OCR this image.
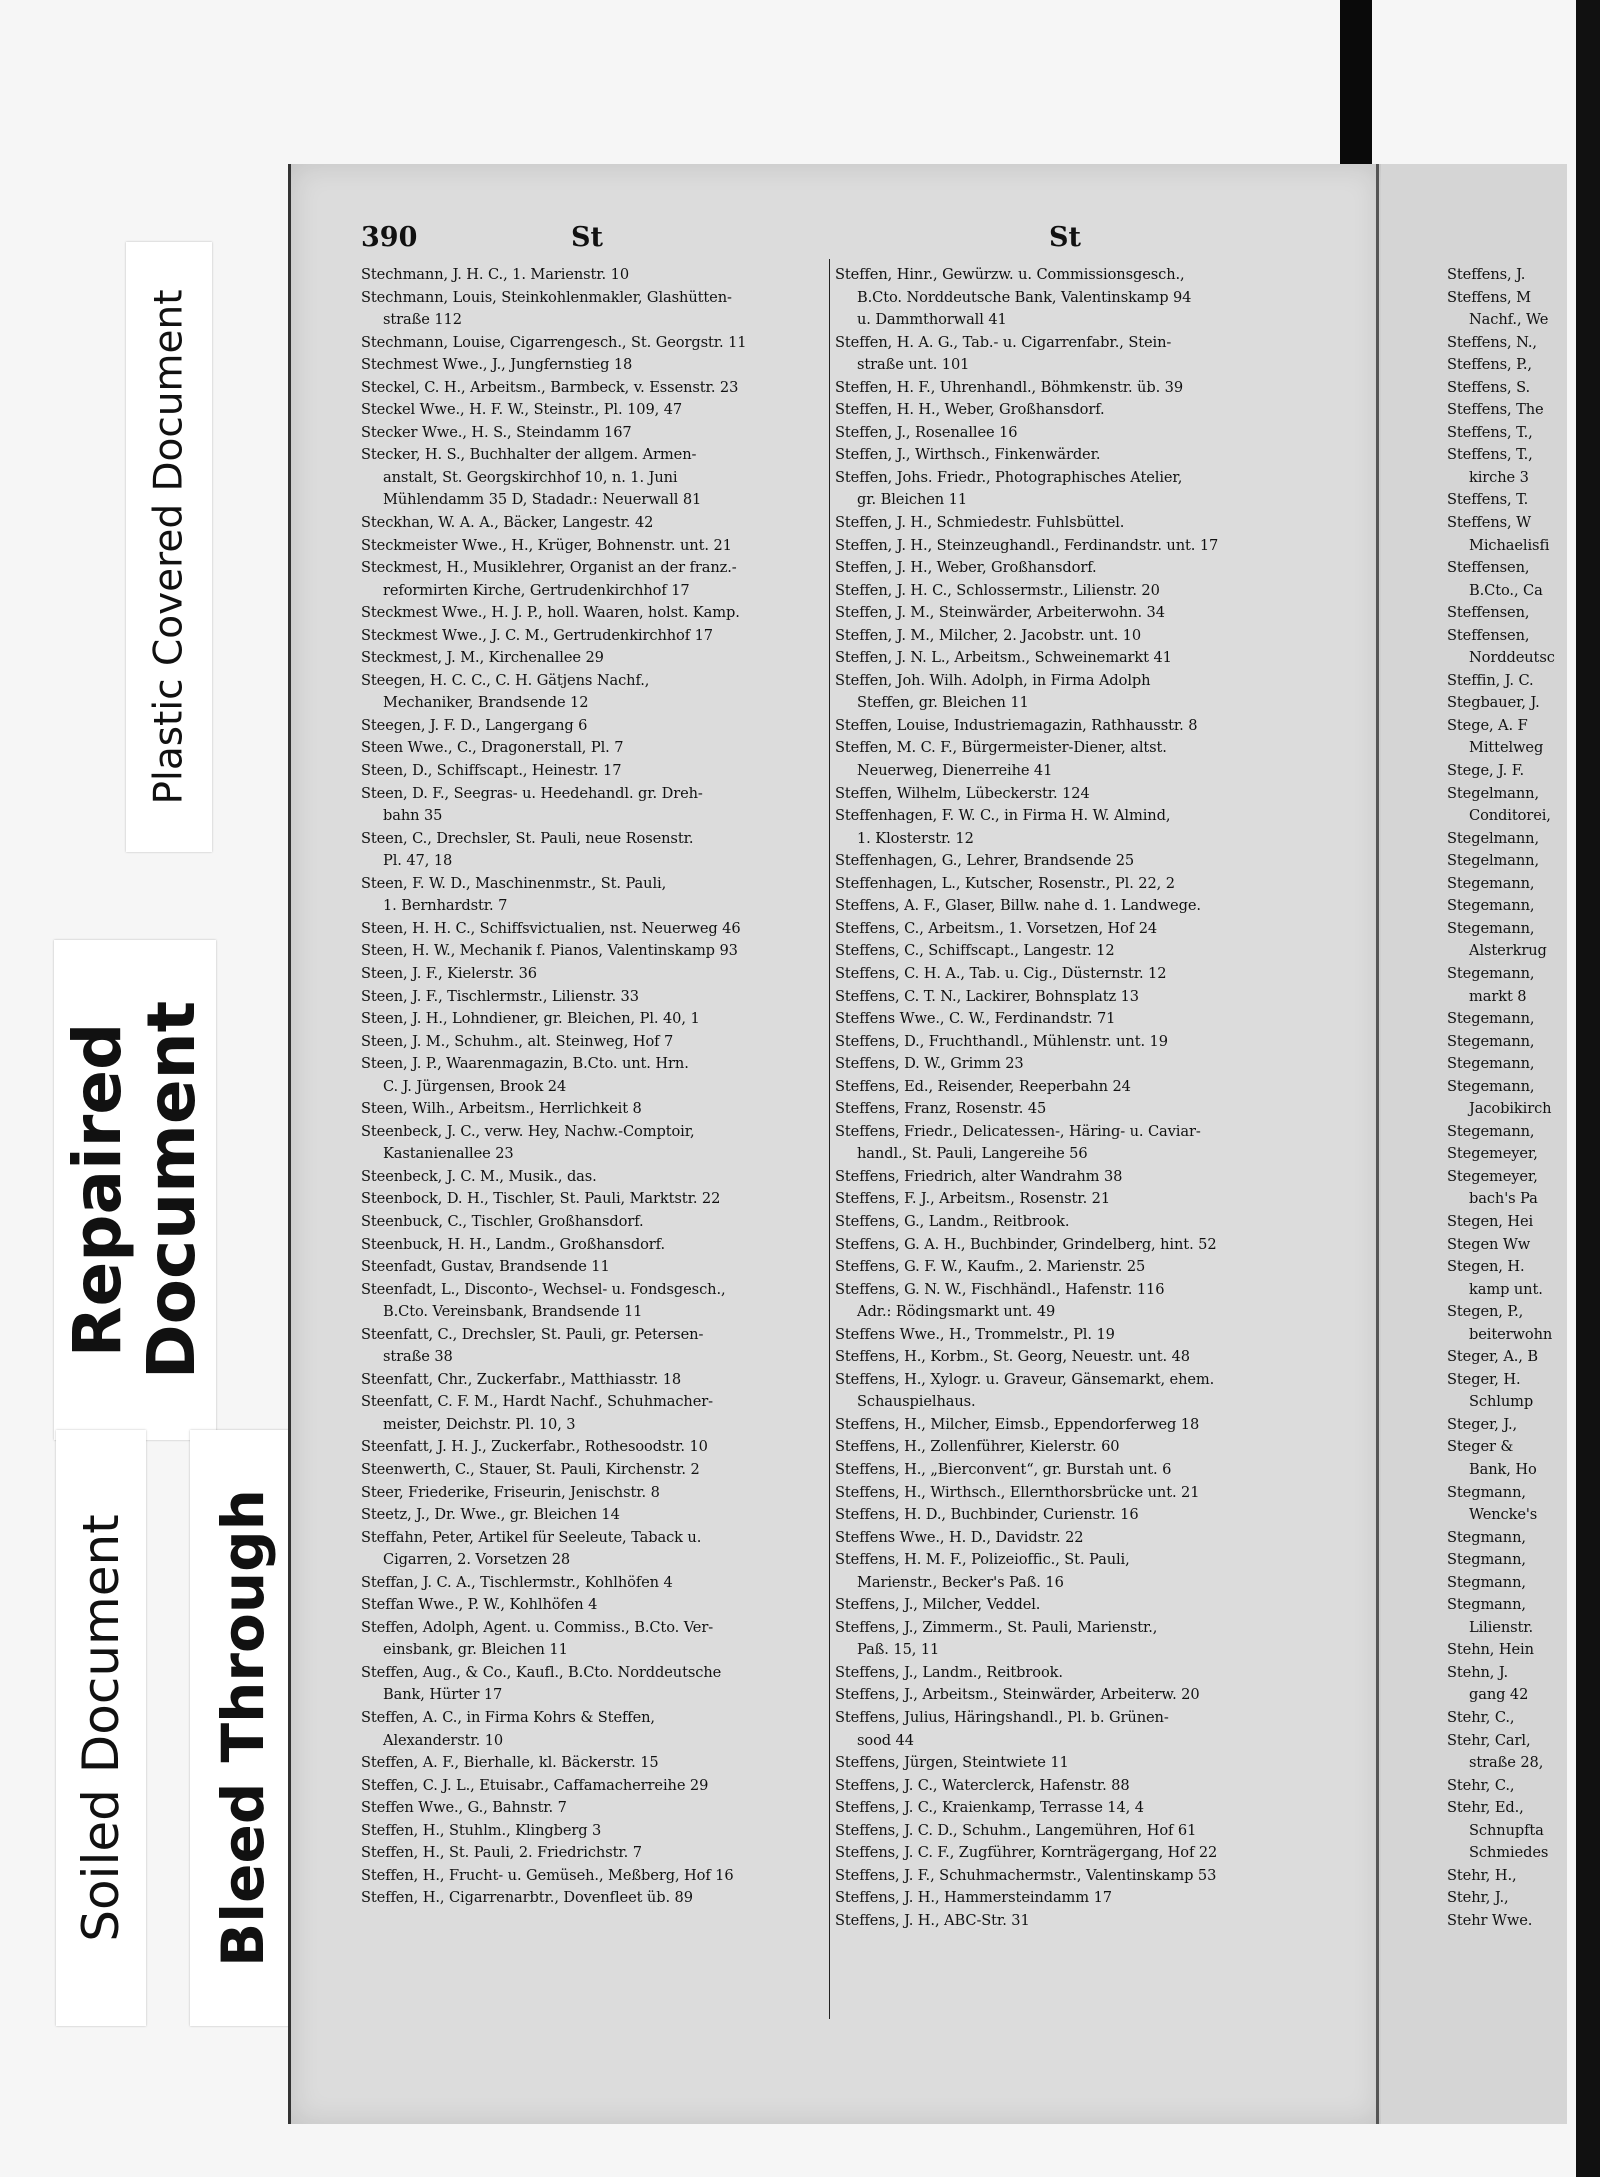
Plastic Covered Document
Repaired
Document
Soiled Document Bleed Through
390	St	St
Stechmann, J. H. C., 1. Marienstr. 10
Stechmann, Louis, Steinkohlenmakler, Glashütten-
straße 112
Stechmann, Louise, Cigarrengesch., St. Georgstr. 11
Stechmest Wwe., J., Jungfernstieg 18
Steckel, C. H., Arbeitsm., Barmbeck, v. Essenstr. 23
Steckel Wwe., H. F. W., Steinstr., Pl. 109, 47
Stecker Wwe., H. S., Steindamm 167
Stecker, H. S., Buchhalter der allgem. Armen-
anstalt, St. Georgskirchhof 10, n. 1. Juni
Mühlendamm 35 D, Stadadr.: Neuerwall 81
Steckhan, W. A. A., Bäcker, Langestr. 42
Steckmeister Wwe., H., Krüger, Bohnenstr. unt. 21
Steckmest, H., Musiklehrer, Organist an der franz.-
reformirten Kirche, Gertrudenkirchhof 17
Steckmest Wwe., H. J. P., holl. Waaren, holst. Kamp.
Steckmest Wwe., J. C. M., Gertrudenkirchhof 17
Steckmest, J. M., Kirchenallee 29
Steegen, H. C. C., C. H. Gätjens Nachf.,
Mechaniker, Brandsende 12
Steegen, J. F. D., Langergang 6
Steen Wwe., C., Dragonerstall, Pl. 7
Steen, D., Schiffscapt., Heinestr. 17
Steen, D. F., Seegras- u. Heedehandl. gr. Dreh-
bahn 35
Steen, C., Drechsler, St. Pauli, neue Rosenstr.
Pl. 47, 18
Steen, F. W. D., Maschinenmstr., St. Pauli,
1. Bernhardstr. 7
Steen, H. H. C., Schiffsvictualien, nst. Neuerweg 46
Steen, H. W., Mechanik f. Pianos, Valentinskamp 93
Steen, J. F., Kielerstr. 36
Steen, J. F., Tischlermstr., Lilienstr. 33
Steen, J. H., Lohndiener, gr. Bleichen, Pl. 40, 1
Steen, J. M., Schuhm., alt. Steinweg, Hof 7
Steen, J. P., Waarenmagazin, B.Cto. unt. Hrn.
C. J. Jürgensen, Brook 24
Steen, Wilh., Arbeitsm., Herrlichkeit 8
Steenbeck, J. C., verw. Hey, Nachw.-Comptoir,
Kastanienallee 23
Steenbeck, J. C. M., Musik., das.
Steenbock, D. H., Tischler, St. Pauli, Marktstr. 22
Steenbuck, C., Tischler, Großhansdorf.
Steenbuck, H. H., Landm., Großhansdorf.
Steenfadt, Gustav, Brandsende 11
Steenfadt, L., Disconto-, Wechsel- u. Fondsgesch.,
B.Cto. Vereinsbank, Brandsende 11
Steenfatt, C., Drechsler, St. Pauli, gr. Petersen-
straße 38
Steenfatt, Chr., Zuckerfabr., Matthiasstr. 18
Steenfatt, C. F. M., Hardt Nachf., Schuhmacher-
meister, Deichstr. Pl. 10, 3
Steenfatt, J. H. J., Zuckerfabr., Rothesoodstr. 10
Steenwerth, C., Stauer, St. Pauli, Kirchenstr. 2
Steer, Friederike, Friseurin, Jenischstr. 8
Steetz, J., Dr. Wwe., gr. Bleichen 14
Steffahn, Peter, Artikel für Seeleute, Taback u.
Cigarren, 2. Vorsetzen 28
Steffan, J. C. A., Tischlermstr., Kohlhöfen 4
Steffan Wwe., P. W., Kohlhöfen 4
Steffen, Adolph, Agent. u. Commiss., B.Cto. Ver-
einsbank, gr. Bleichen 11
Steffen, Aug., & Co., Kaufl., B.Cto. Norddeutsche
Bank, Hürter 17
Steffen, A. C., in Firma Kohrs & Steffen,
Alexanderstr. 10
Steffen, A. F., Bierhalle, kl. Bäckerstr. 15
Steffen, C. J. L., Etuisabr., Caffamacherreihe 29
Steffen Wwe., G., Bahnstr. 7
Steffen, H., Stuhlm., Klingberg 3
Steffen, H., St. Pauli, 2. Friedrichstr. 7
Steffen, H., Frucht- u. Gemüseh., Meßberg, Hof 16
Steffen, H., Cigarrenarbtr., Dovenfleet üb. 89
Steffen, Hinr., Gewürzw. u. Commissionsgesch.,
B.Cto. Norddeutsche Bank, Valentinskamp 94
u. Dammthorwall 41
Steffen, H. A. G., Tab.- u. Cigarrenfabr., Stein-
straße unt. 101
Steffen, H. F., Uhrenhandl., Böhmkenstr. üb. 39
Steffen, H. H., Weber, Großhansdorf.
Steffen, J., Rosenallee 16
Steffen, J., Wirthsch., Finkenwärder.
Steffen, Johs. Friedr., Photographisches Atelier,
gr. Bleichen 11
Steffen, J. H., Schmiedestr. Fuhlsbüttel.
Steffen, J. H., Steinzeughandl., Ferdinandstr. unt. 17
Steffen, J. H., Weber, Großhansdorf.
Steffen, J. H. C., Schlossermstr., Lilienstr. 20
Steffen, J. M., Steinwärder, Arbeiterwohn. 34
Steffen, J. M., Milcher, 2. Jacobstr. unt. 10
Steffen, J. N. L., Arbeitsm., Schweinemarkt 41
Steffen, Joh. Wilh. Adolph, in Firma Adolph
Steffen, gr. Bleichen 11
Steffen, Louise, Industriemagazin, Rathhausstr. 8
Steffen, M. C. F., Bürgermeister-Diener, altst.
Neuerweg, Dienerreihe 41
Steffen, Wilhelm, Lübeckerstr. 124
Steffenhagen, F. W. C., in Firma H. W. Almind,
1. Klosterstr. 12
Steffenhagen, G., Lehrer, Brandsende 25
Steffenhagen, L., Kutscher, Rosenstr., Pl. 22, 2
Steffens, A. F., Glaser, Billw. nahe d. 1. Landwege.
Steffens, C., Arbeitsm., 1. Vorsetzen, Hof 24
Steffens, C., Schiffscapt., Langestr. 12
Steffens, C. H. A., Tab. u. Cig., Düsternstr. 12
Steffens, C. T. N., Lackirer, Bohnsplatz 13
Steffens Wwe., C. W., Ferdinandstr. 71
Steffens, D., Fruchthandl., Mühlenstr. unt. 19
Steffens, D. W., Grimm 23
Steffens, Ed., Reisender, Reeperbahn 24
Steffens, Franz, Rosenstr. 45
Steffens, Friedr., Delicatessen-, Häring- u. Caviar-
handl., St. Pauli, Langereihe 56
Steffens, Friedrich, alter Wandrahm 38
Steffens, F. J., Arbeitsm., Rosenstr. 21
Steffens, G., Landm., Reitbrook.
Steffens, G. A. H., Buchbinder, Grindelberg, hint. 52
Steffens, G. F. W., Kaufm., 2. Marienstr. 25
Steffens, G. N. W., Fischhändl., Hafenstr. 116
Adr.: Rödingsmarkt unt. 49
Steffens Wwe., H., Trommelstr., Pl. 19
Steffens, H., Korbm., St. Georg, Neuestr. unt. 48
Steffens, H., Xylogr. u. Graveur, Gänsemarkt, ehem.
Schauspielhaus.
Steffens, H., Milcher, Eimsb., Eppendorferweg 18
Steffens, H., Zollenführer, Kielerstr. 60
Steffens, H., „Bierconvent“, gr. Burstah unt. 6
Steffens, H., Wirthsch., Ellernthorsbrücke unt. 21
Steffens, H. D., Buchbinder, Curienstr. 16
Steffens Wwe., H. D., Davidstr. 22
Steffens, H. M. F., Polizeioffic., St. Pauli,
Marienstr., Becker's Paß. 16
Steffens, J., Milcher, Veddel.
Steffens, J., Zimmerm., St. Pauli, Marienstr.,
Paß. 15, 11
Steffens, J., Landm., Reitbrook.
Steffens, J., Arbeitsm., Steinwärder, Arbeiterw. 20
Steffens, Julius, Häringshandl., Pl. b. Grünen-
sood 44
Steffens, Jürgen, Steintwiete 11
Steffens, J. C., Waterclerck, Hafenstr. 88
Steffens, J. C., Kraienkamp, Terrasse 14, 4
Steffens, J. C. D., Schuhm., Langemühren, Hof 61
Steffens, J. C. F., Zugführer, Kornträgergang, Hof 22
Steffens, J. F., Schuhmachermstr., Valentinskamp 53
Steffens, J. H., Hammersteindamm 17
Steffens, J. H., ABC-Str. 31
Steffens, J.
Steffens, M
Nachf., We
Steffens, N.,
Steffens, P.,
Steffens, S.
Steffens, The
Steffens, T.,
Steffens, T.,
kirche 3
Steffens, T.
Steffens, W
Michaelisfi
Steffensen,
B.Cto., Ca
Steffensen,
Steffensen,
Norddeutsc
Steffin, J. C.
Stegbauer, J.
Stege, A. F
Mittelweg
Stege, J. F.
Stegelmann,
Conditorei,
Stegelmann,
Stegelmann,
Stegemann,
Stegemann,
Stegemann,
Alsterkrug
Stegemann,
markt 8
Stegemann,
Stegemann,
Stegemann,
Stegemann,
Jacobikirch
Stegemann,
Stegemeyer,
Stegemeyer,
bach's Pa
Stegen, Hei
Stegen Ww
Stegen, H.
kamp unt.
Stegen, P.,
beiterwohn
Steger, A., B
Steger, H.
Schlump
Steger, J.,
Steger &
Bank, Ho
Stegmann,
Wencke's
Stegmann,
Stegmann,
Stegmann,
Stegmann,
Lilienstr.
Stehn, Hein
Stehn, J.
gang 42
Stehr, C.,
Stehr, Carl,
straße 28,
Stehr, C.,
Stehr, Ed.,
Schnupfta
Schmiedes
Stehr, H.,
Stehr, J.,
Stehr Wwe.
